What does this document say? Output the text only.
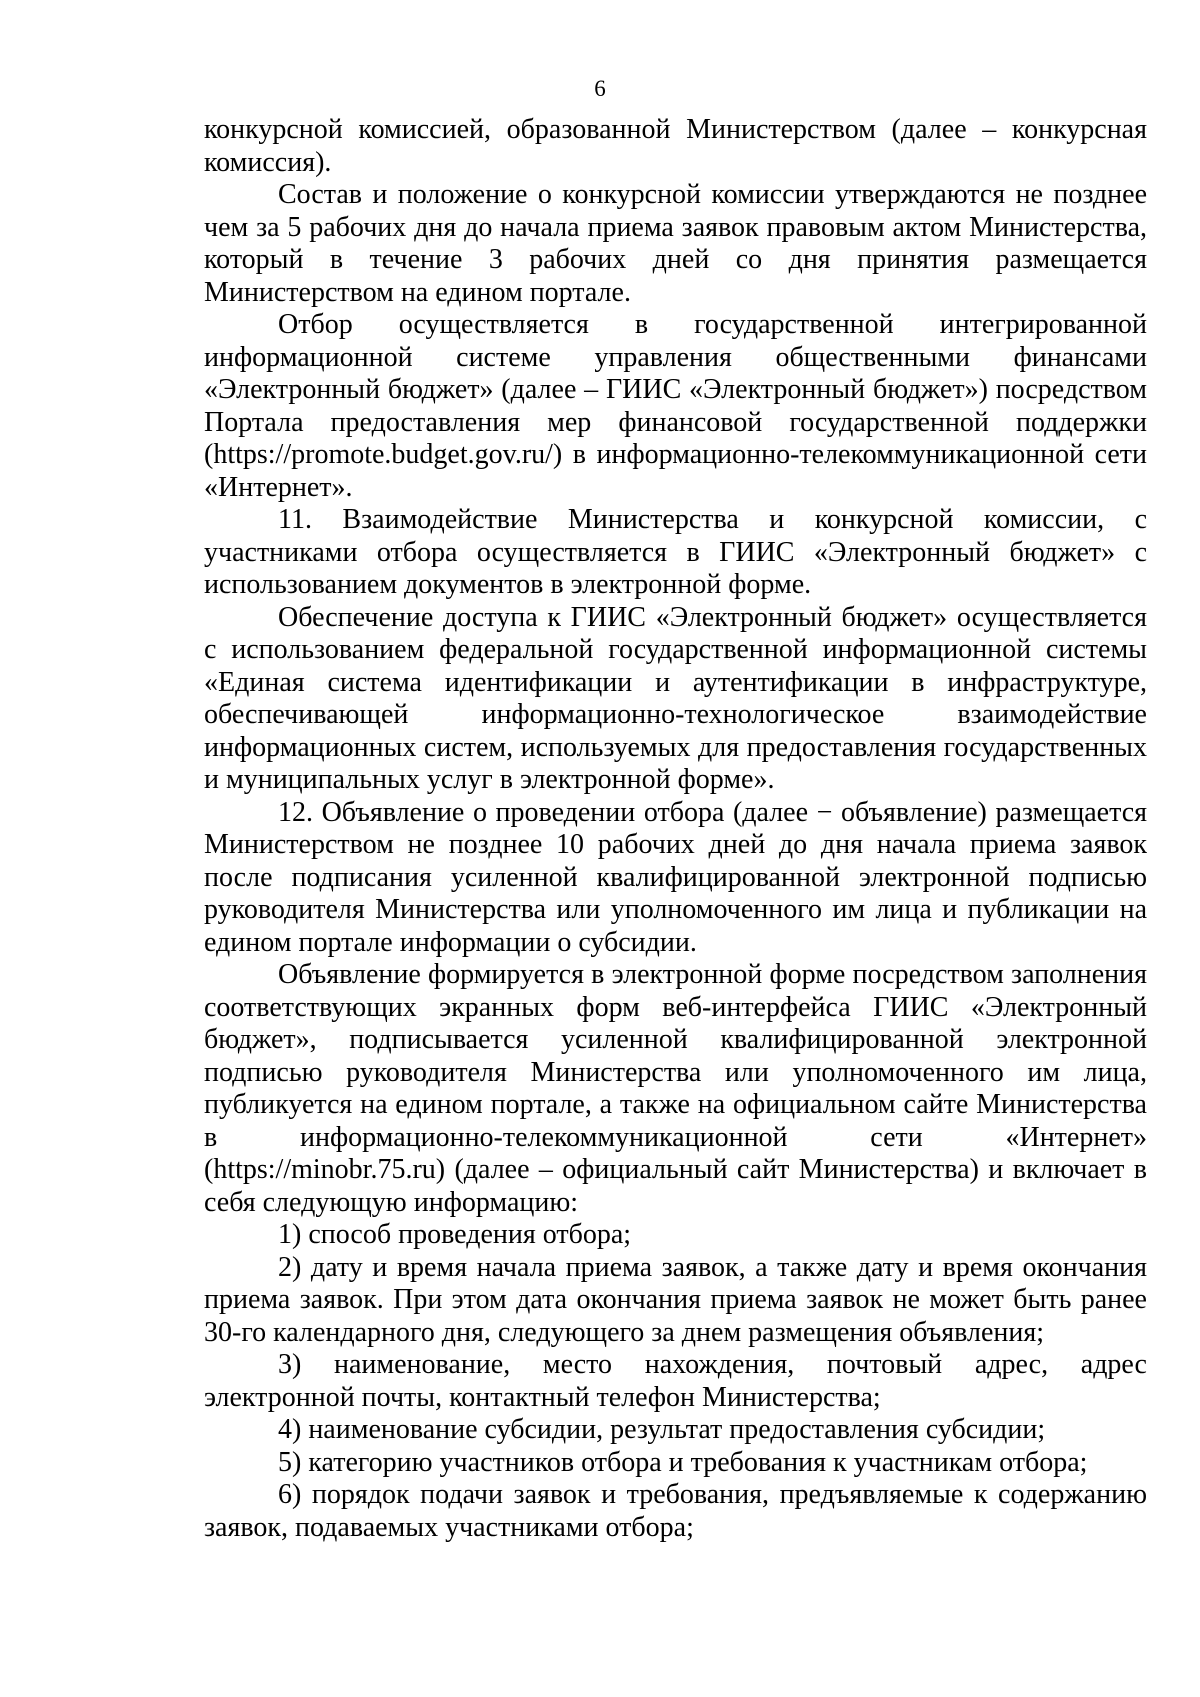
6

конкурсной комиссией, образованной Министерством (далее – конкурсная комиссия).

Состав и положение о конкурсной комиссии утверждаются не позднее чем за 5 рабочих дня до начала приема заявок правовым актом Министерства, который в течение 3 рабочих дней со дня принятия размещается Министерством на едином портале.

Отбор осуществляется в государственной интегрированной информационной системе управления общественными финансами «Электронный бюджет» (далее – ГИИС «Электронный бюджет») посредством Портала предоставления мер финансовой государственной поддержки (https://promote.budget.gov.ru/) в информационно-телекоммуникационной сети «Интернет».

11. Взаимодействие Министерства и конкурсной комиссии, с участниками отбора осуществляется в ГИИС «Электронный бюджет» с использованием документов в электронной форме.

Обеспечение доступа к ГИИС «Электронный бюджет» осуществляется с использованием федеральной государственной информационной системы «Единая система идентификации и аутентификации в инфраструктуре, обеспечивающей информационно-технологическое взаимодействие информационных систем, используемых для предоставления государственных и муниципальных услуг в электронной форме».

12. Объявление о проведении отбора (далее − объявление) размещается Министерством не позднее 10 рабочих дней до дня начала приема заявок после подписания усиленной квалифицированной электронной подписью руководителя Министерства или уполномоченного им лица и публикации на едином портале информации о субсидии.

Объявление формируется в электронной форме посредством заполнения соответствующих экранных форм веб-интерфейса ГИИС «Электронный бюджет», подписывается усиленной квалифицированной электронной подписью руководителя Министерства или уполномоченного им лица, публикуется на едином портале, а также на официальном сайте Министерства в информационно-телекоммуникационной сети «Интернет» (https://minobr.75.ru) (далее – официальный сайт Министерства) и включает в себя следующую информацию:

1) способ проведения отбора;

2) дату и время начала приема заявок, а также дату и время окончания приема заявок. При этом дата окончания приема заявок не может быть ранее 30-го календарного дня, следующего за днем размещения объявления;

3) наименование, место нахождения, почтовый адрес, адрес электронной почты, контактный телефон Министерства;

4) наименование субсидии, результат предоставления субсидии;

5) категорию участников отбора и требования к участникам отбора;

6) порядок подачи заявок и требования, предъявляемые к содержанию заявок, подаваемых участниками отбора;
